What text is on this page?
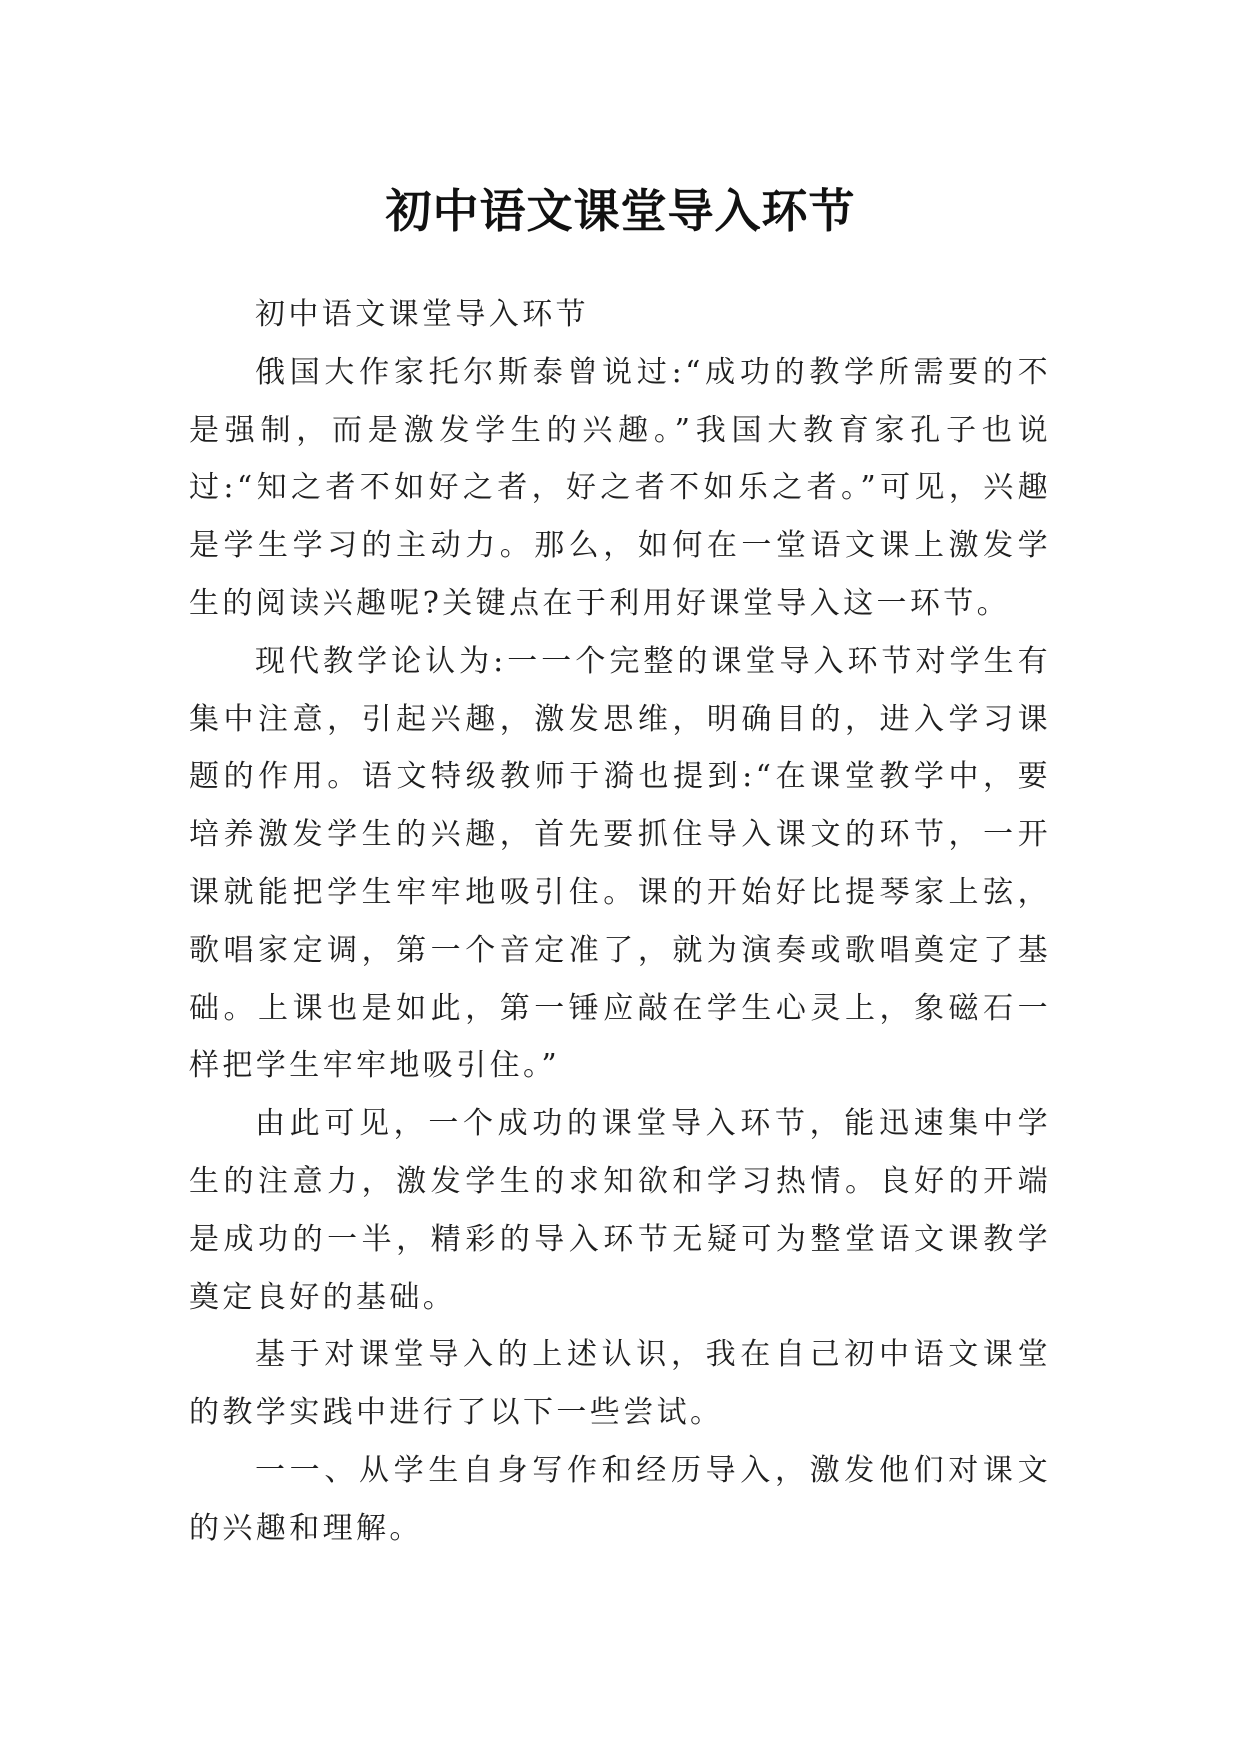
初中语文课堂导入环节

初中语文课堂导入环节

俄国大作家托尔斯泰曾说过:“成功的教学所需要的不是强制，而是激发学生的兴趣。”我国大教育家孔子也说过:“知之者不如好之者，好之者不如乐之者。”可见，兴趣是学生学习的主动力。那么，如何在一堂语文课上激发学生的阅读兴趣呢?关键点在于利用好课堂导入这一环节。

现代教学论认为:一一个完整的课堂导入环节对学生有集中注意，引起兴趣，激发思维，明确目的，进入学习课题的作用。语文特级教师于漪也提到:“在课堂教学中，要培养激发学生的兴趣，首先要抓住导入课文的环节，一开课就能把学生牢牢地吸引住。课的开始好比提琴家上弦，歌唱家定调，第一个音定准了，就为演奏或歌唱奠定了基础。上课也是如此，第一锤应敲在学生心灵上，象磁石一样把学生牢牢地吸引住。”

由此可见，一个成功的课堂导入环节，能迅速集中学生的注意力，激发学生的求知欲和学习热情。良好的开端是成功的一半，精彩的导入环节无疑可为整堂语文课教学奠定良好的基础。

基于对课堂导入的上述认识，我在自己初中语文课堂的教学实践中进行了以下一些尝试。

一一、从学生自身写作和经历导入，激发他们对课文的兴趣和理解。
